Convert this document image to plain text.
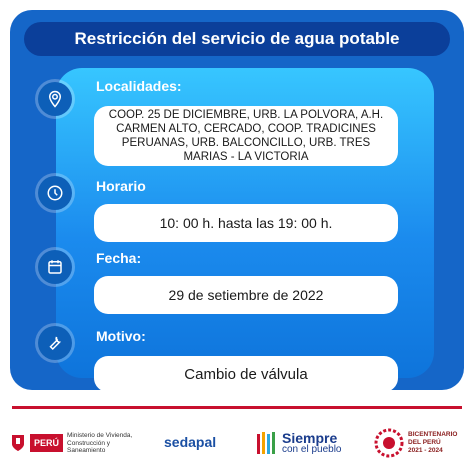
Restricción del servicio de agua potable
Localidades:
COOP. 25 DE DICIEMBRE, URB. LA POLVORA, A.H. CARMEN ALTO, CERCADO, COOP. TRADICINES PERUANAS, URB. BALCONCILLO, URB. TRES MARIAS - LA VICTORIA
Horario
10: 00 h. hasta las 19: 00 h.
Fecha:
29 de setiembre de 2022
Motivo:
Cambio de válvula
PERÚ
Ministerio de Vivienda, Construcción y Saneamiento
sedapal	Siempre
con el pueblo
BICENTENARIO
DEL PERÚ
2021 - 2024
